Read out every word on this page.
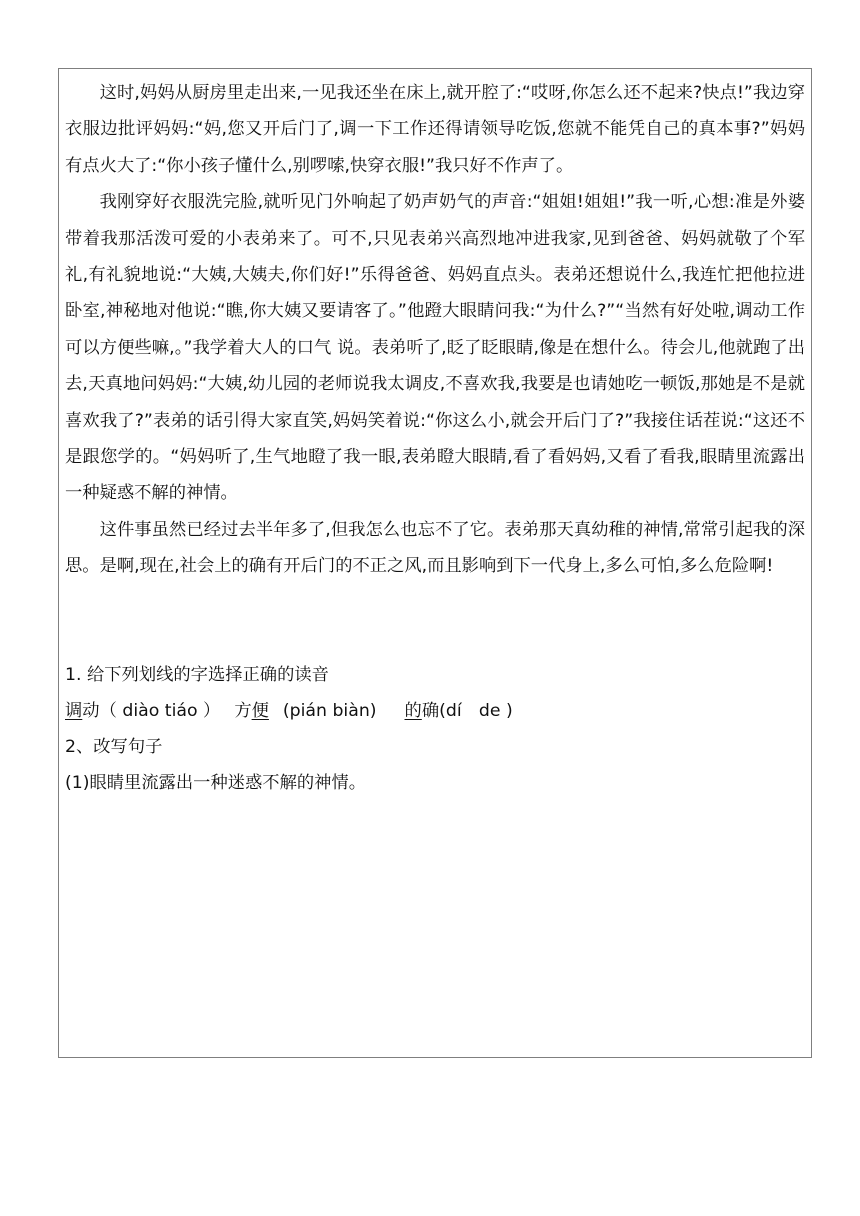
这时,妈妈从厨房里走出来,一见我还坐在床上,就开腔了:“哎呀,你怎么还不起来?快点!”我边穿衣服边批评妈妈:“妈,您又开后门了,调一下工作还得请领导吃饭,您就不能凭自己的真本事?”妈妈有点火大了:“你小孩子懂什么,别啰嗦,快穿衣服!”我只好不作声了。

我刚穿好衣服洗完脸,就听见门外响起了奶声奶气的声音:“姐姐!姐姐!”我一听,心想:准是外婆带着我那活泼可爱的小表弟来了。可不,只见表弟兴高烈地冲进我家,见到爸爸、妈妈就敬了个军礼,有礼貌地说:“大姨,大姨夫,你们好!”乐得爸爸、妈妈直点头。表弟还想说什么,我连忙把他拉进卧室,神秘地对他说:“瞧,你大姨又要请客了。”他蹬大眼睛问我:“为什么?”“当然有好处啦,调动工作可以方便些嘛,。”我学着大人的口气 说。表弟听了,眨了眨眼睛,像是在想什么。待会儿,他就跑了出去,天真地问妈妈:“大姨,幼儿园的老师说我太调皮,不喜欢我,我要是也请她吃一顿饭,那她是不是就喜欢我了?”表弟的话引得大家直笑,妈妈笑着说:“你这么小,就会开后门了?”我接住话茬说:“这还不是跟您学的。“妈妈听了,生气地瞪了我一眼,表弟瞪大眼睛,看了看妈妈,又看了看我,眼睛里流露出一种疑惑不解的神情。

这件事虽然已经过去半年多了,但我怎么也忘不了它。表弟那天真幼稚的神情,常常引起我的深思。是啊,现在,社会上的确有开后门的不正之风,而且影响到下一代身上,多么可怕,多么危险啊!

1. 给下列划线的字选择正确的读音

调动（ diào tiáo ） 方便 (pián biàn) 的确(dí　de )

2、改写句子

(1)眼睛里流露出一种迷惑不解的神情。
